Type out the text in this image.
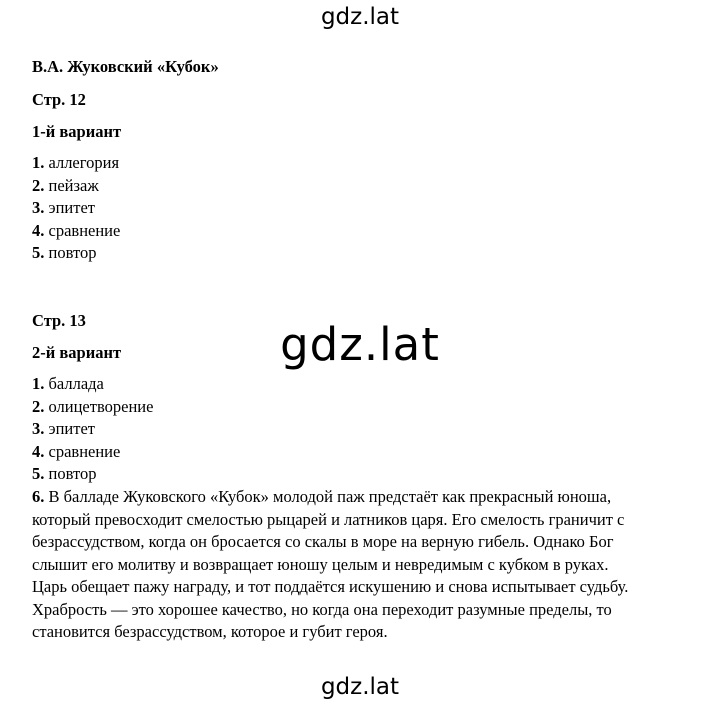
gdz.lat
gdz.lat
gdz.lat
В.А. Жуковский «Кубок»
Стр. 12
1-й вариант
1. аллегория
2. пейзаж
3. эпитет
4. сравнение
5. повтор
Стр. 13
2-й вариант
1. баллада
2. олицетворение
3. эпитет
4. сравнение
5. повтор
6. В балладе Жуковского «Кубок» молодой паж предстаёт как прекрасный юноша,
который превосходит смелостью рыцарей и латников царя. Его смелость граничит с
безрассудством, когда он бросается со скалы в море на верную гибель. Однако Бог
слышит его молитву и возвращает юношу целым и невредимым с кубком в руках.
Царь обещает пажу награду, и тот поддаётся искушению и снова испытывает судьбу.
Храбрость — это хорошее качество, но когда она переходит разумные пределы, то
становится безрассудством, которое и губит героя.
